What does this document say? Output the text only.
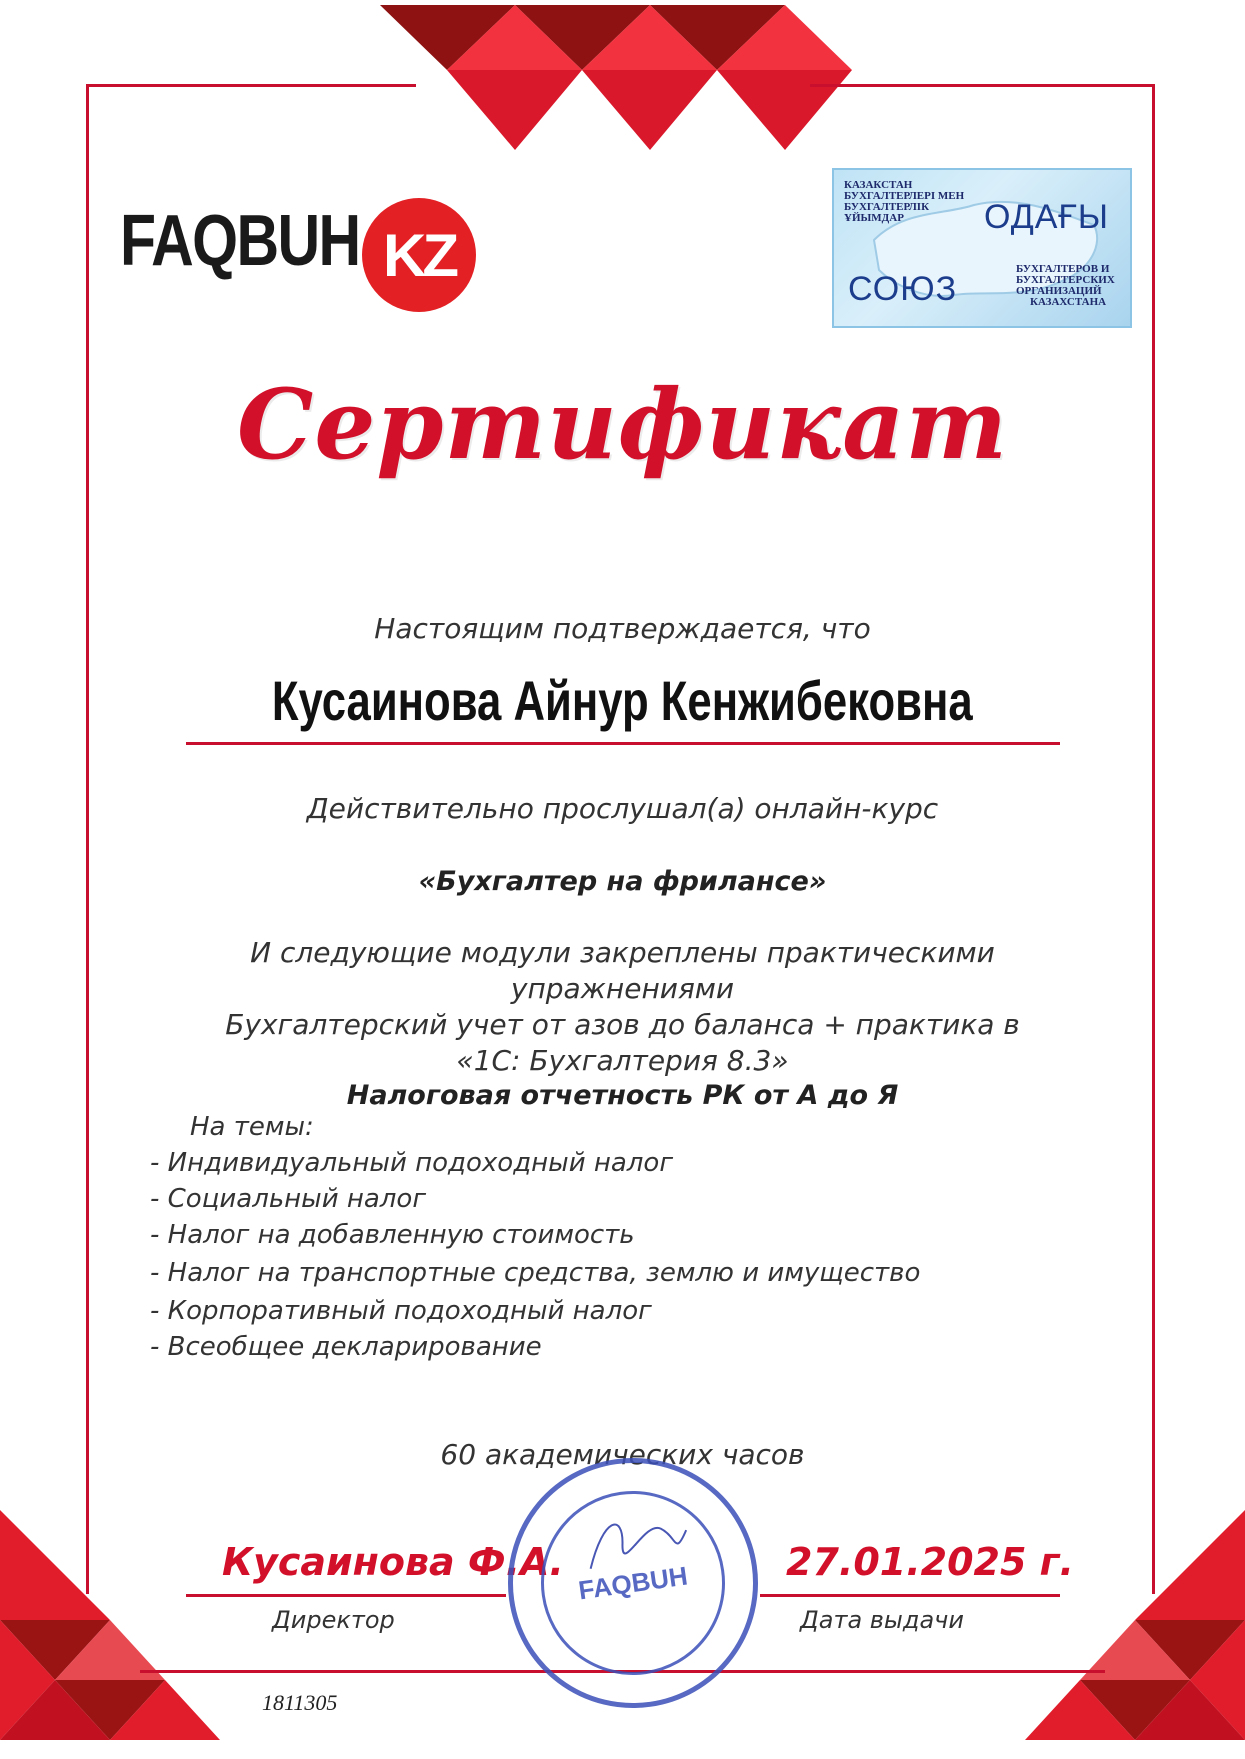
FAQBUH KZ
КАЗАКСТАН
БУХГАЛТЕРЛЕРІ МЕН
БУХГАЛТЕРЛІК
ҰЙЫМДАР ОДАҒЫ
СОЮЗ
БУХГАЛТЕРОВ И
БУХГАЛТЕРСКИХ
ОРГАНИЗАЦИЙ
КАЗАХСТАНА
Сертификат
Настоящим подтверждается, что
Кусаинова Айнур Кенжибековна
Действительно прослушал(а) онлайн-курс
«Бухгалтер на фрилансе»
И следующие модули закреплены практическими
упражнениями
Бухгалтерский учет от азов до баланса + практика в
«1С: Бухгалтерия 8.3»
Налоговая отчетность РК от А до Я
На темы:
- Индивидуальный подоходный налог
- Социальный налог
- Налог на добавленную стоимость
- Налог на транспортные средства, землю и имущество
- Корпоративный подоходный налог
- Всеобщее декларирование
60 академических часов
Кусаинова Ф.А.
Директор
27.01.2025 г.
Дата выдачи
FAQBUH
1811305
